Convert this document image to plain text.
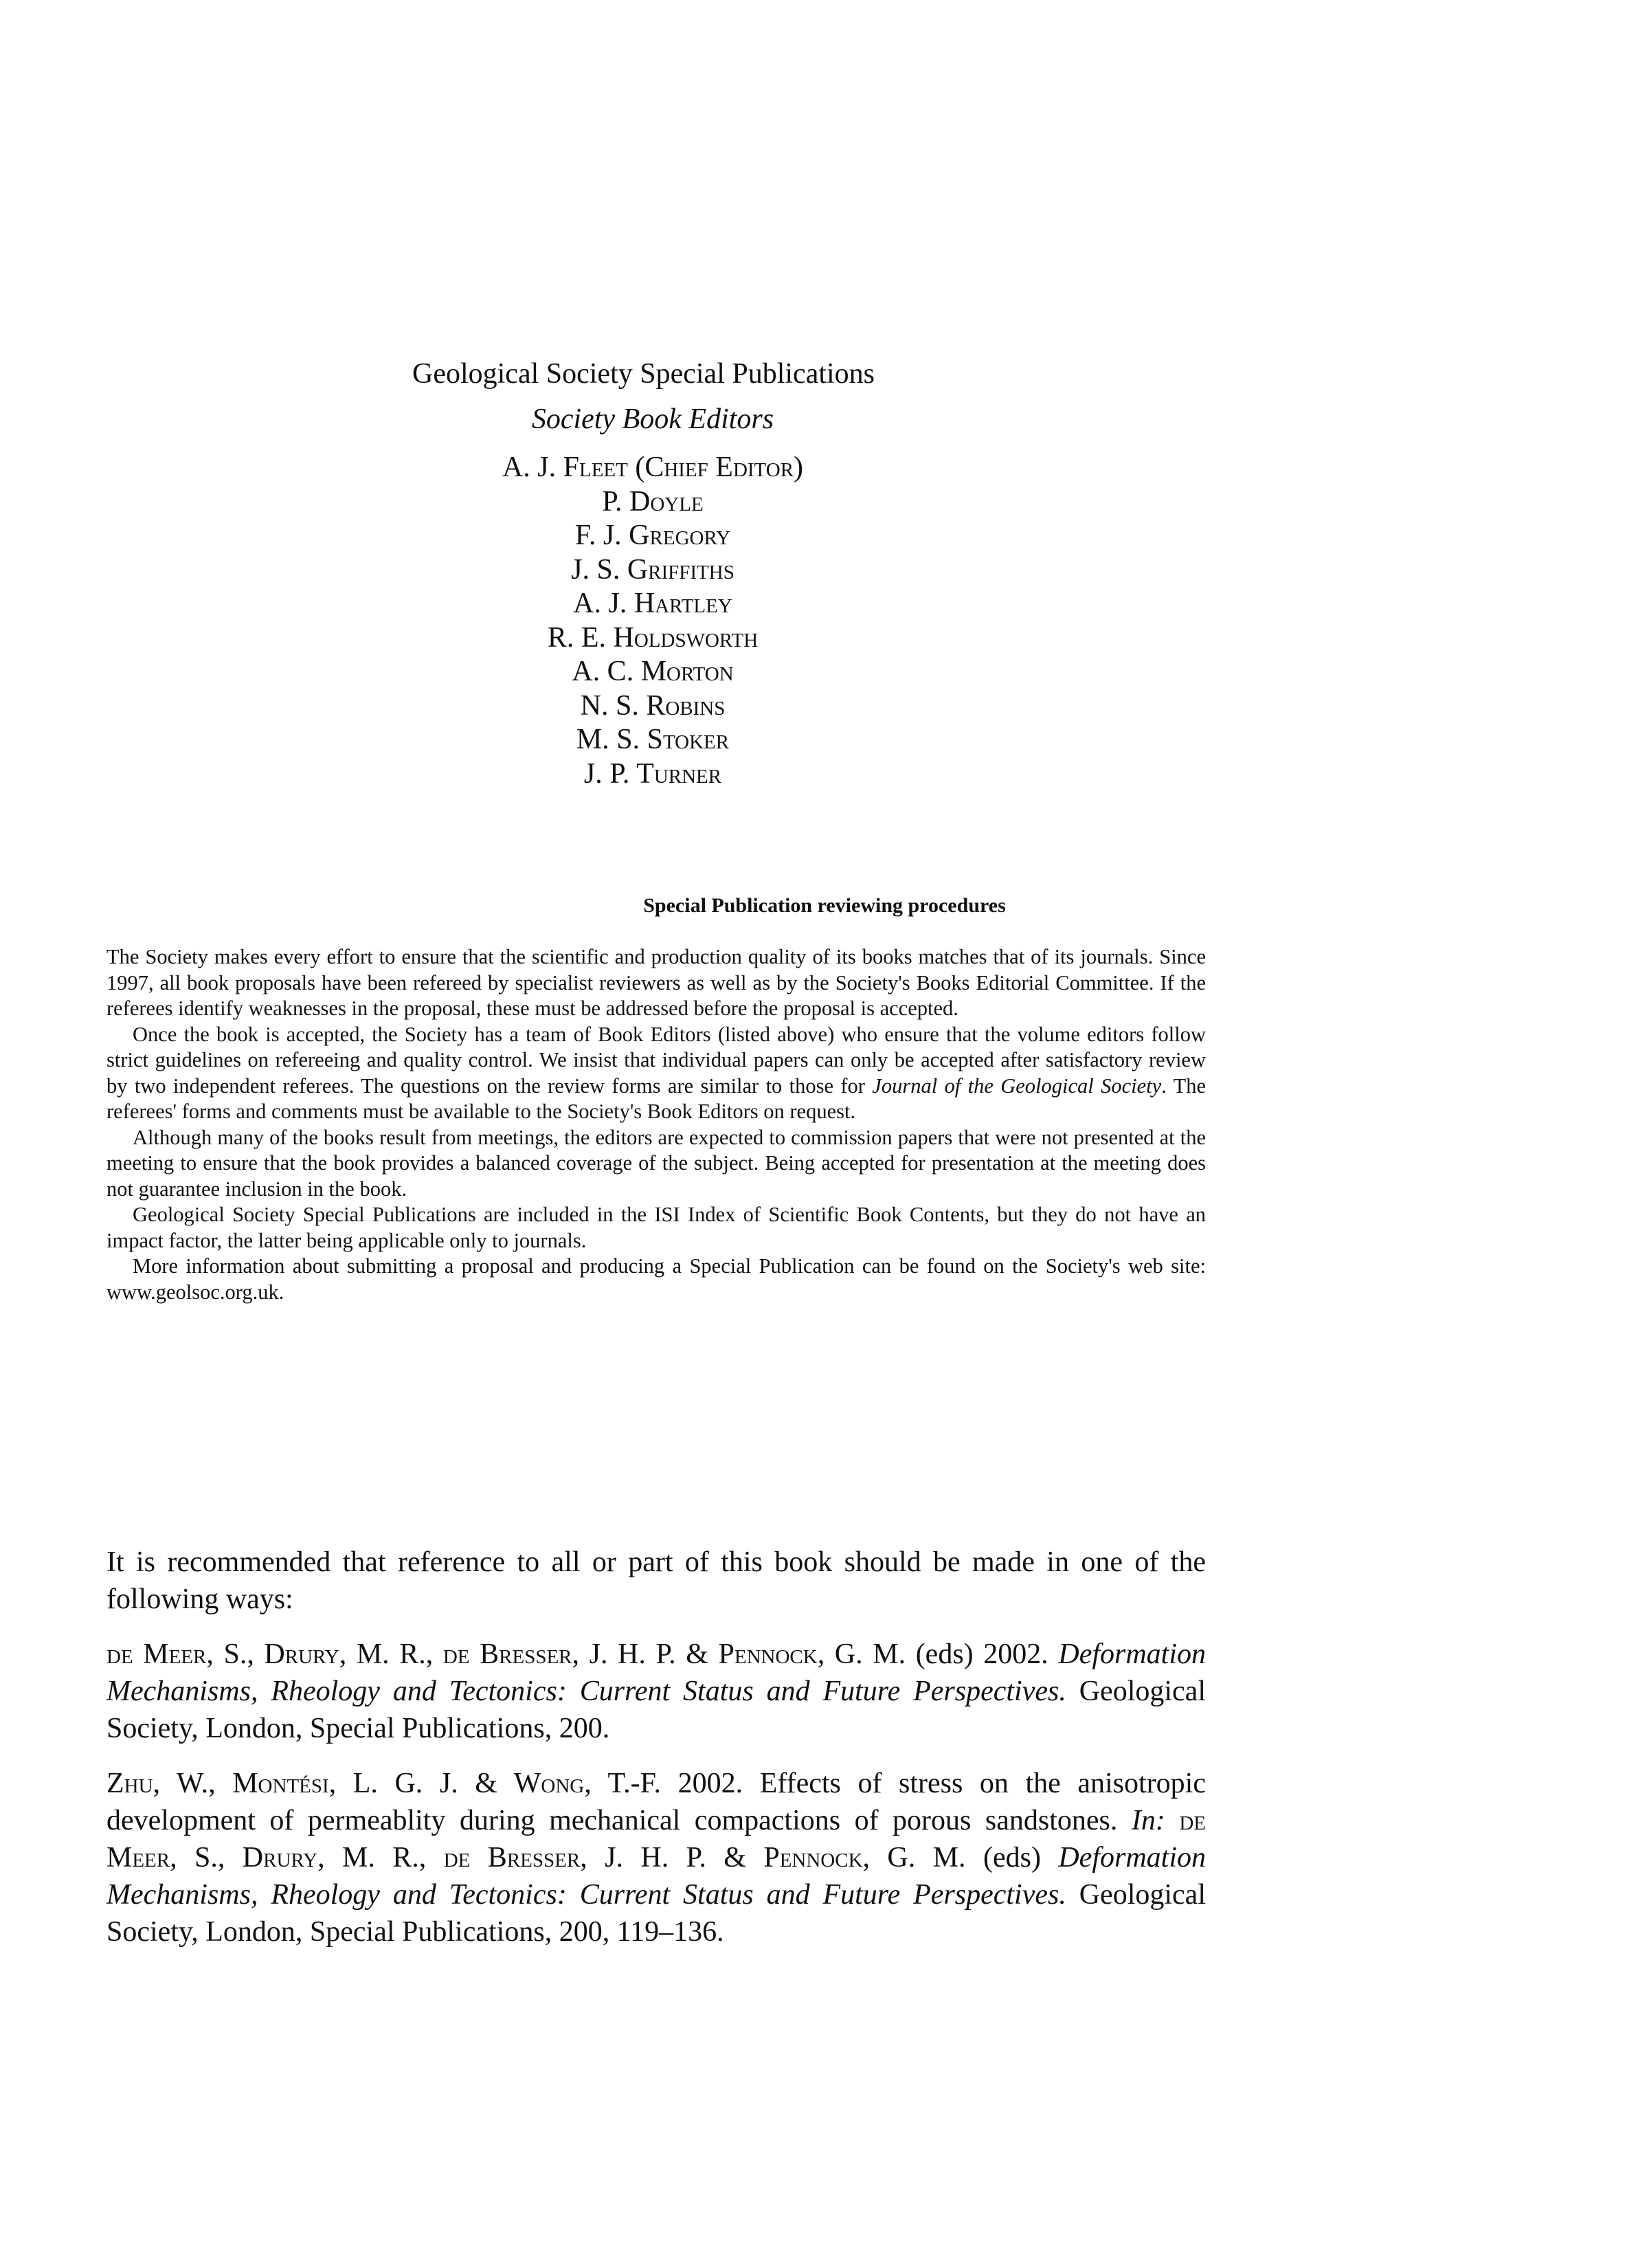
Geological Society Special Publications
Society Book Editors
A. J. Fleet (Chief Editor)
P. Doyle
F. J. Gregory
J. S. Griffiths
A. J. Hartley
R. E. Holdsworth
A. C. Morton
N. S. Robins
M. S. Stoker
J. P. Turner
Special Publication reviewing procedures

The Society makes every effort to ensure that the scientific and production quality of its books matches that of its journals. Since 1997, all book proposals have been refereed by specialist reviewers as well as by the Society's Books Editorial Committee. If the referees identify weaknesses in the proposal, these must be addressed before the proposal is accepted.

Once the book is accepted, the Society has a team of Book Editors (listed above) who ensure that the volume editors follow strict guidelines on refereeing and quality control. We insist that individual papers can only be accepted after satisfactory review by two independent referees. The questions on the review forms are similar to those for Journal of the Geological Society. The referees' forms and comments must be available to the Society's Book Editors on request.

Although many of the books result from meetings, the editors are expected to commission papers that were not presented at the meeting to ensure that the book provides a balanced coverage of the subject. Being accepted for presentation at the meeting does not guarantee inclusion in the book.

Geological Society Special Publications are included in the ISI Index of Scientific Book Contents, but they do not have an impact factor, the latter being applicable only to journals.

More information about submitting a proposal and producing a Special Publication can be found on the Society's web site: www.geolsoc.org.uk.

It is recommended that reference to all or part of this book should be made in one of the following ways:

de Meer, S., Drury, M. R., de Bresser, J. H. P. & Pennock, G. M. (eds) 2002. Deformation Mechanisms, Rheology and Tectonics: Current Status and Future Perspectives. Geological Society, London, Special Publications, 200.

Zhu, W., Montési, L. G. J. & Wong, T.-F. 2002. Effects of stress on the anisotropic development of permeablity during mechanical compactions of porous sandstones. In: de Meer, S., Drury, M. R., de Bresser, J. H. P. & Pennock, G. M. (eds) Deformation Mechanisms, Rheology and Tectonics: Current Status and Future Perspectives. Geological Society, London, Special Publications, 200, 119–136.
